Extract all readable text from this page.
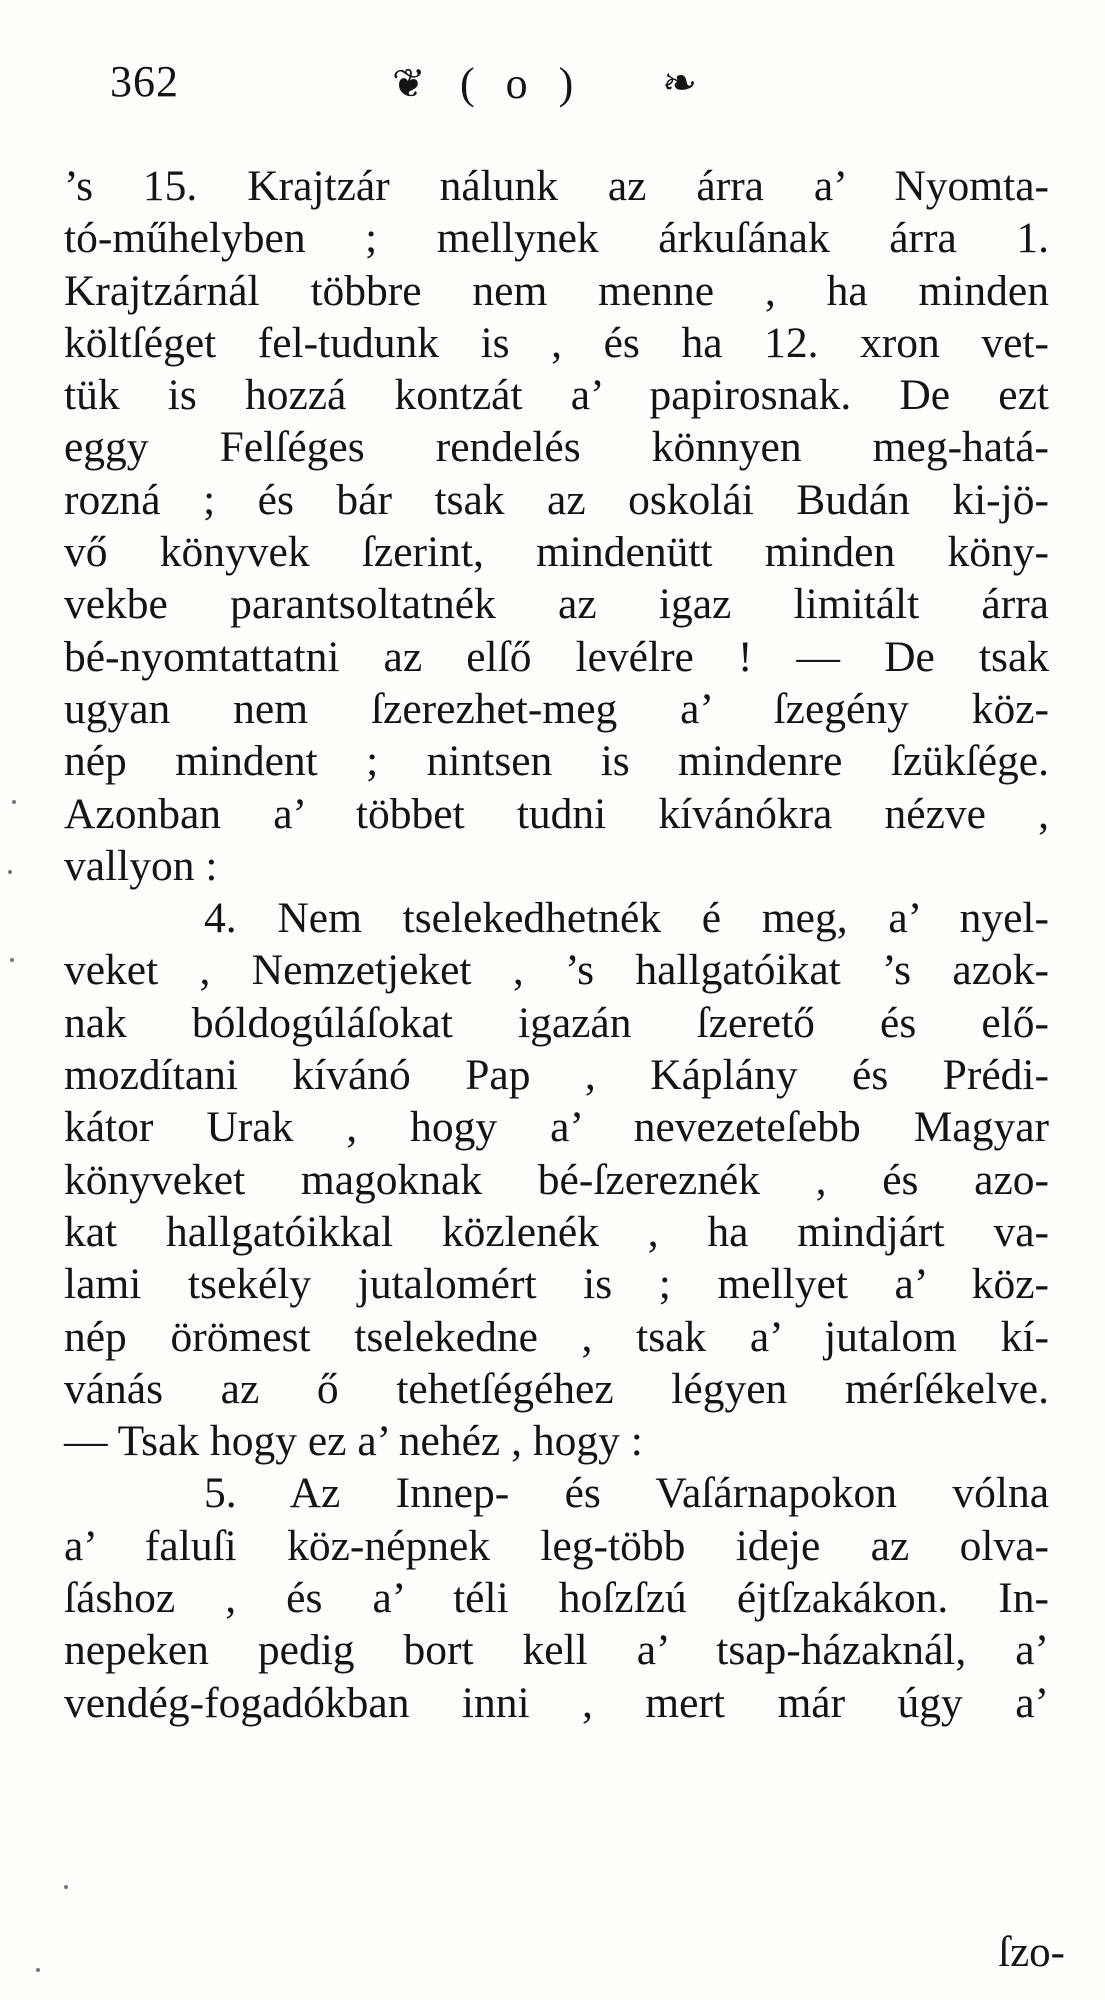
362	❦ ( o ) ❧
’s 15. Krajtzár nálunk az árra a’ Nyomta-
tó-műhelyben ; mellynek árkuſának árra 1.
Krajtzárnál többre nem menne , ha minden
költſéget fel-tudunk is , és ha 12. xron vet-
tük is hozzá kontzát a’ papirosnak. De ezt
eggy Felſéges rendelés könnyen meg-hatá-
rozná ; és bár tsak az oskolái Budán ki-jö-
vő könyvek ſzerint, mindenütt minden köny-
vekbe parantsoltatnék az igaz limitált árra
bé-nyomtattatni az elſő levélre ! — De tsak
ugyan nem ſzerezhet-meg a’ ſzegény köz-
nép mindent ; nintsen is mindenre ſzükſége.
Azonban a’ többet tudni kívánókra nézve ,
vallyon :
4. Nem tselekedhetnék é meg, a’ nyel-
veket , Nemzetjeket , ’s hallgatóikat ’s azok-
nak bóldogúláſokat igazán ſzerető és elő-
mozdítani kívánó Pap , Káplány és Prédi-
kátor Urak , hogy a’ nevezeteſebb Magyar
könyveket magoknak bé-ſzereznék , és azo-
kat hallgatóikkal közlenék , ha mindjárt va-
lami tsekély jutalomért is ; mellyet a’ köz-
nép örömest tselekedne , tsak a’ jutalom kí-
vánás az ő tehetſégéhez légyen mérſékelve.
— Tsak hogy ez a’ nehéz , hogy :
5. Az Innep- és Vaſárnapokon vólna
a’ faluſi köz-népnek leg-több ideje az olva-
ſáshoz , és a’ téli hoſzſzú éjtſzakákon. In-
nepeken pedig bort kell a’ tsap-házaknál, a’
vendég-fogadókban inni , mert már úgy a’
ſzo-
